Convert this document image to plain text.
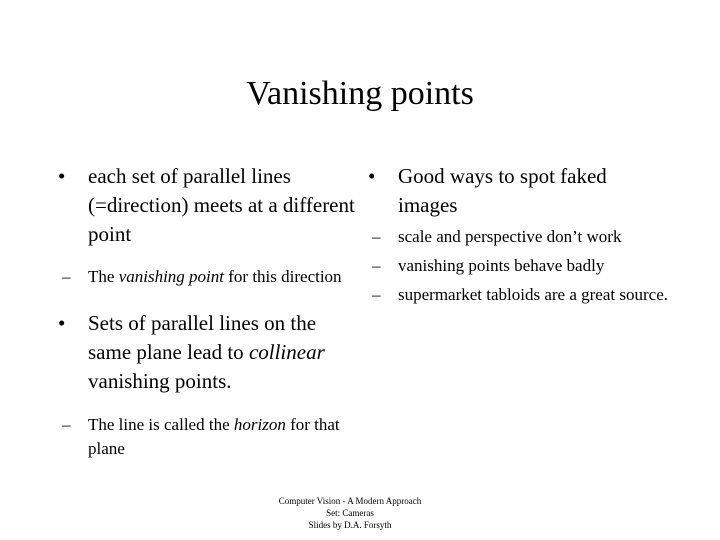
Vanishing points
• each set of parallel lines (=direction) meets at a different point
– The vanishing point for this direction
• Sets of parallel lines on the same plane lead to collinear vanishing points.
– The line is called the horizon for that plane
• Good ways to spot faked images
– scale and perspective don’t work
– vanishing points behave badly
– supermarket tabloids are a great source.
Computer Vision - A Modern Approach
Set: Cameras
Slides by D.A. Forsyth
